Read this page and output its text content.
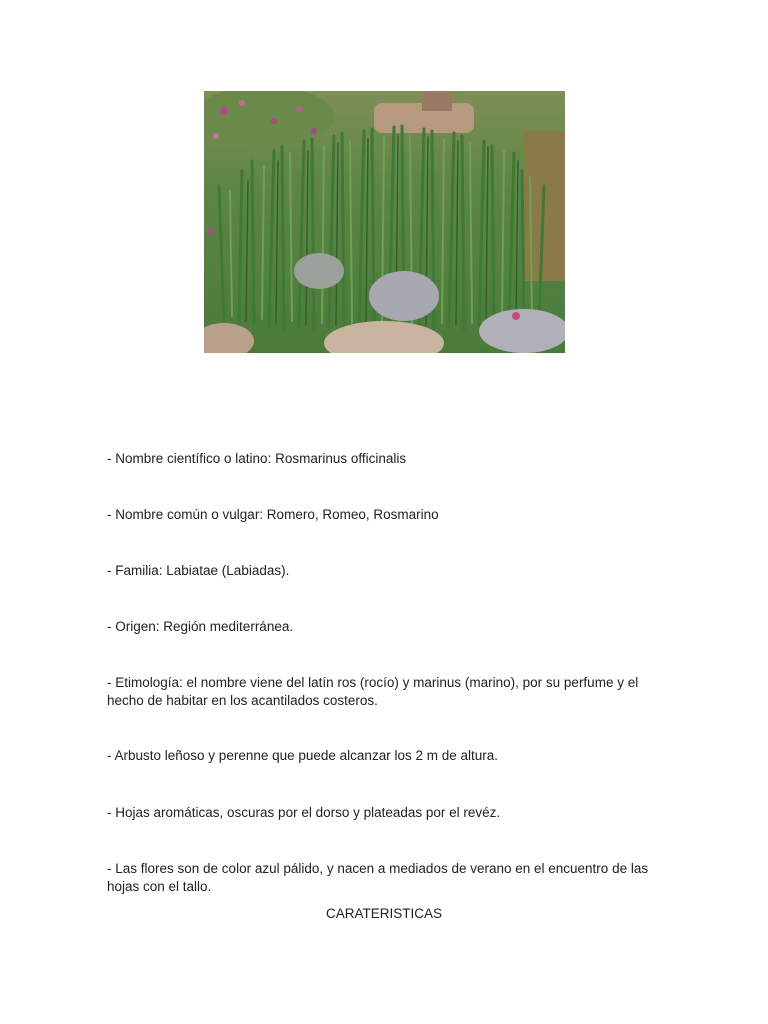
- Nombre científico o latino: Rosmarinus officinalis

- Nombre común o vulgar: Romero, Romeo, Rosmarino

- Familia: Labiatae (Labiadas).

- Origen: Región mediterránea.

- Etimología: el nombre viene del latín ros (rocío) y marinus (marino), por su perfume y el hecho de habitar en los acantilados costeros.

- Arbusto leñoso y perenne que puede alcanzar los 2 m de altura.

- Hojas aromáticas, oscuras por el dorso y plateadas por el revéz.

- Las flores son de color azul pálido, y nacen a mediados de verano en el encuentro de las hojas con el tallo.

CARATERISTICAS
